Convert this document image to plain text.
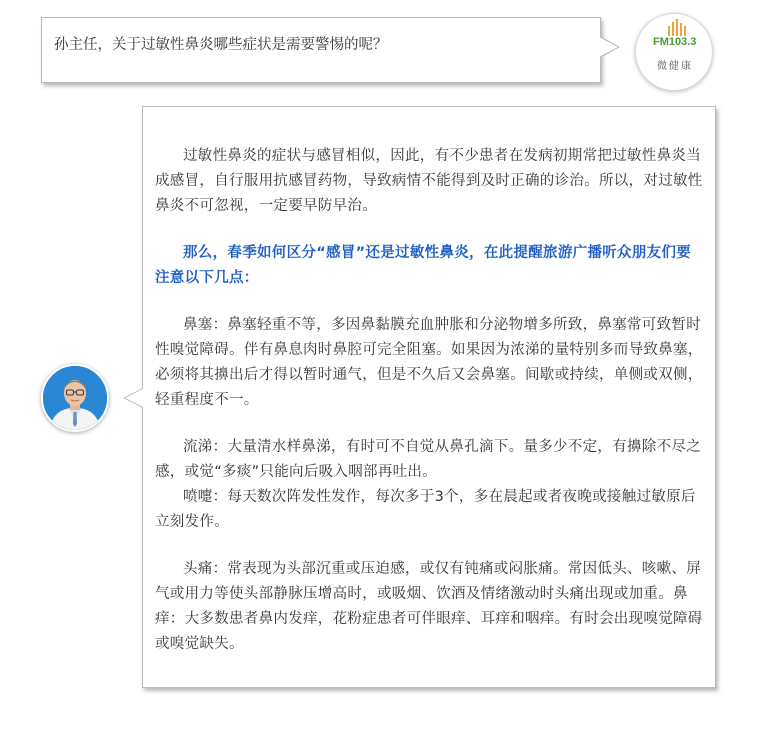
孙主任，关于过敏性鼻炎哪些症状是需要警惕的呢？	FM103.3
微健康

过敏性鼻炎的症状与感冒相似，因此，有不少患者在发病初期常把过敏性鼻炎当成感冒，自行服用抗感冒药物，导致病情不能得到及时正确的诊治。所以，对过敏性鼻炎不可忽视，一定要早防早治。

那么，春季如何区分“感冒”还是过敏性鼻炎，在此提醒旅游广播听众朋友们要注意以下几点：

鼻塞：鼻塞轻重不等，多因鼻黏膜充血肿胀和分泌物增多所致，鼻塞常可致暂时性嗅觉障碍。伴有鼻息肉时鼻腔可完全阻塞。如果因为浓涕的量特别多而导致鼻塞，必须将其擤出后才得以暂时通气，但是不久后又会鼻塞。间歇或持续，单侧或双侧，轻重程度不一。

流涕：大量清水样鼻涕，有时可不自觉从鼻孔滴下。量多少不定，有擤除不尽之感，或觉“多痰”只能向后吸入咽部再吐出。

喷嚏：每天数次阵发性发作，每次多于3个，多在晨起或者夜晚或接触过敏原后立刻发作。

头痛：常表现为头部沉重或压迫感，或仅有钝痛或闷胀痛。常因低头、咳嗽、屏气或用力等使头部静脉压增高时，或吸烟、饮酒及情绪激动时头痛出现或加重。鼻痒：大多数患者鼻内发痒，花粉症患者可伴眼痒、耳痒和咽痒。有时会出现嗅觉障碍或嗅觉缺失。
